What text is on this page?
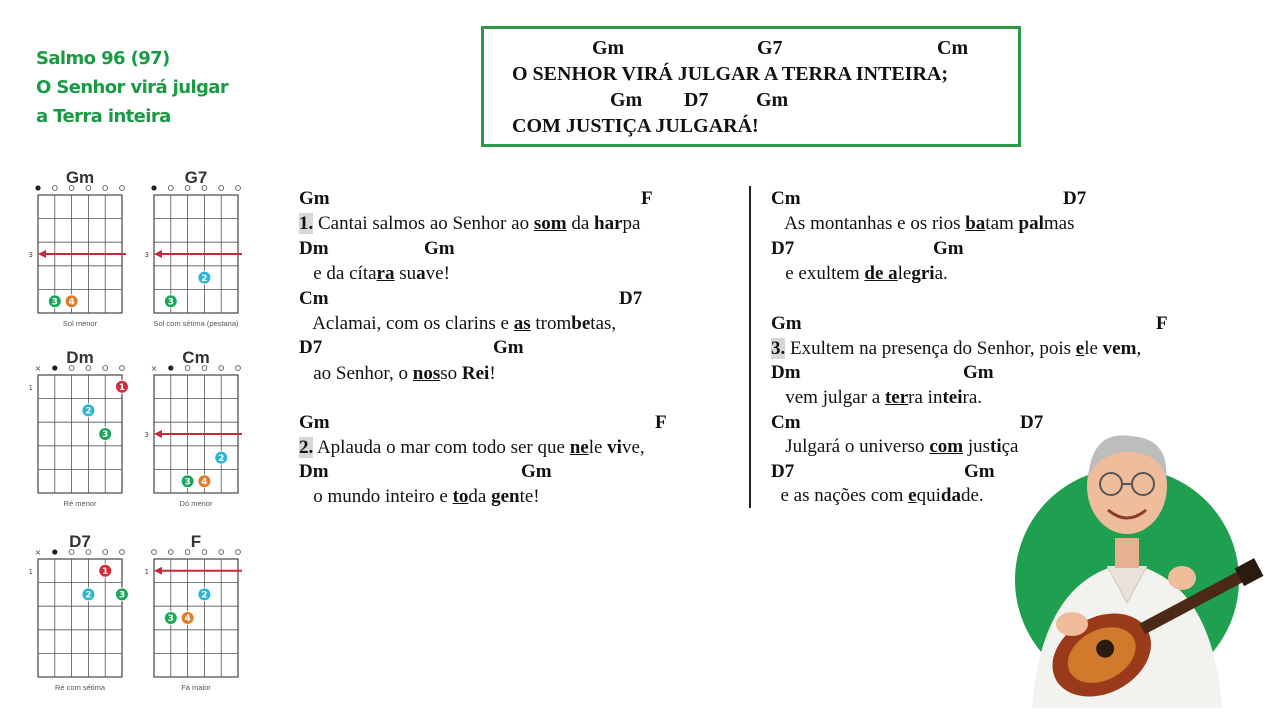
Salmo 96 (97)
O Senhor virá julgar
a Terra inteira
Gm	G7	Cm
O SENHOR VIRÁ JULGAR A TERRA INTEIRA;
Gm D7 Gm
COM JUSTIÇA JULGARÁ!
Gm
3
3 4
Sol menor
G7
3
3
2
Sol com sétima (pestana)
Dm
×
1	1
2
3
Ré menor
Cm
×
3
2
3 4
Dó menor
D7
×
1	1
2	3
Ré com sétima
F
1
2
3 4
Fá maior
Gm	F
1. Cantai salmos ao Senhor ao som da harpa
Dm	Gm
e da cítara suave!
Cm	D7
Aclamai, com os clarins e as trombetas,
D7	Gm
ao Senhor, o nosso Rei!
Gm	F
2. Aplauda o mar com todo ser que nele vive,
Dm	Gm
o mundo inteiro e toda gente!
Cm	D7
As montanhas e os rios batam palmas
D7	Gm
e exultem de alegria.
Gm	F
3. Exultem na presença do Senhor, pois ele vem,
Dm	Gm
vem julgar a terra inteira.
Cm	D7
Julgará o universo com justiça
D7	Gm
e as nações com equidade.
